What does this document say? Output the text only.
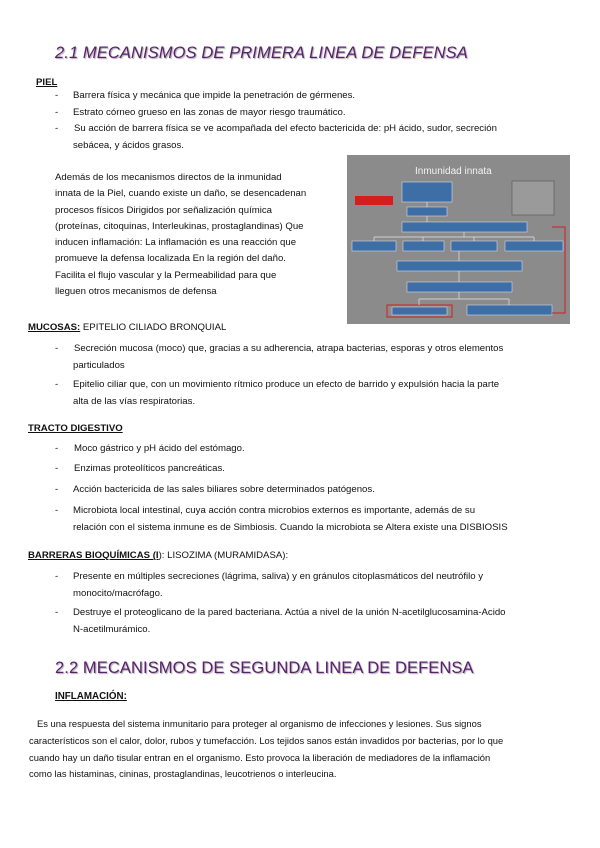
2.1 MECANISMOS DE PRIMERA LINEA DE DEFENSA
PIEL
-	Barrera física y mecánica que impide la penetración de gérmenes.
-	Estrato córneo grueso en las zonas de mayor riesgo traumático.
-	Su acción de barrera física se ve acompañada del efecto bactericida de: pH ácido, sudor, secreción
sebácea, y ácidos grasos.
Además de los mecanismos directos de la inmunidad
innata de la Piel, cuando existe un daño, se desencadenan
procesos físicos Dirigidos por señalización química
(proteínas, citoquinas, Interleukinas, prostaglandinas) Que
inducen inflamación: La inflamación es una reacción que
promueve la defensa localizada En la región del daño.
Facilita el flujo vascular y la Permeabilidad para que
lleguen otros mecanismos de defensa
Inmunidad innata
MUCOSAS: EPITELIO CILIADO BRONQUIAL
-	Secreción mucosa (moco) que, gracias a su adherencia, atrapa bacterias, esporas y otros elementos
particulados
-	Epitelio ciliar que, con un movimiento rítmico produce un efecto de barrido y expulsión hacia la parte
alta de las vías respiratorias.
TRACTO DIGESTIVO
-	Moco gástrico y pH ácido del estómago.
-	Enzimas proteolíticos pancreáticas.
-	Acción bactericida de las sales biliares sobre determinados patógenos.
-	Microbiota local intestinal, cuya acción contra microbios externos es importante, además de su
relación con el sistema inmune es de Simbiosis. Cuando la microbiota se Altera existe una DISBIOSIS
BARRERAS BIOQUÍMICAS (I): LISOZIMA (MURAMIDASA):
-	Presente en múltiples secreciones (lágrima, saliva) y en gránulos citoplasmáticos del neutrófilo y
monocito/macrófago.
-	Destruye el proteoglicano de la pared bacteriana. Actúa a nivel de la unión N-acetilglucosamina-Acido
N-acetilmurámico.
2.2 MECANISMOS DE SEGUNDA LINEA DE DEFENSA
INFLAMACIÓN:
Es una respuesta del sistema inmunitario para proteger al organismo de infecciones y lesiones. Sus signos
característicos son el calor, dolor, rubos y tumefacción. Los tejidos sanos están invadidos por bacterias, por lo que
cuando hay un daño tisular entran en el organismo. Esto provoca la liberación de mediadores de la inflamación
como las histaminas, cininas, prostaglandinas, leucotrienos o interleucina.
